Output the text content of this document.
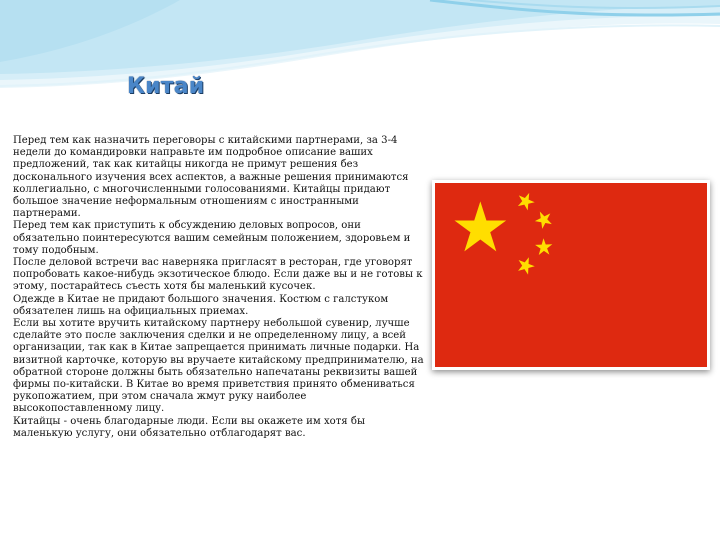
Китай

Перед тем как назначить переговоры с китайскими партнерами, за 3-4 недели до командировки направьте им подробное описание ваших предложений, так как китайцы никогда не примут решения без досконального изучения всех аспектов, а важные решения принимаются коллегиально, с многочисленными голосованиями. Китайцы придают большое значение неформальным отношениям с иностранными партнерами.

Перед тем как приступить к обсуждению деловых вопросов, они обязательно поинтересуются вашим семейным положением, здоровьем и тому подобным.

После деловой встречи вас наверняка пригласят в ресторан, где уговорят попробовать какое-нибудь экзотическое блюдо. Если даже вы и не готовы к этому, постарайтесь съесть хотя бы маленький кусочек.

Одежде в Китае не придают большого значения. Костюм с галстуком обязателен лишь на официальных приемах.

Если вы хотите вручить китайскому партнеру небольшой сувенир, лучше сделайте это после заключения сделки и не определенному лицу, а всей организации, так как в Китае запрещается принимать личные подарки. На визитной карточке, которую вы вручаете китайскому предпринимателю, на обратной стороне должны быть обязательно напечатаны реквизиты вашей фирмы по-китайски. В Китае во время приветствия принято обмениваться рукопожатием, при этом сначала жмут руку наиболее высокопоставленному лицу.

Китайцы - очень благодарные люди. Если вы окажете им хотя бы маленькую услугу, они обязательно отблагодарят вас.
